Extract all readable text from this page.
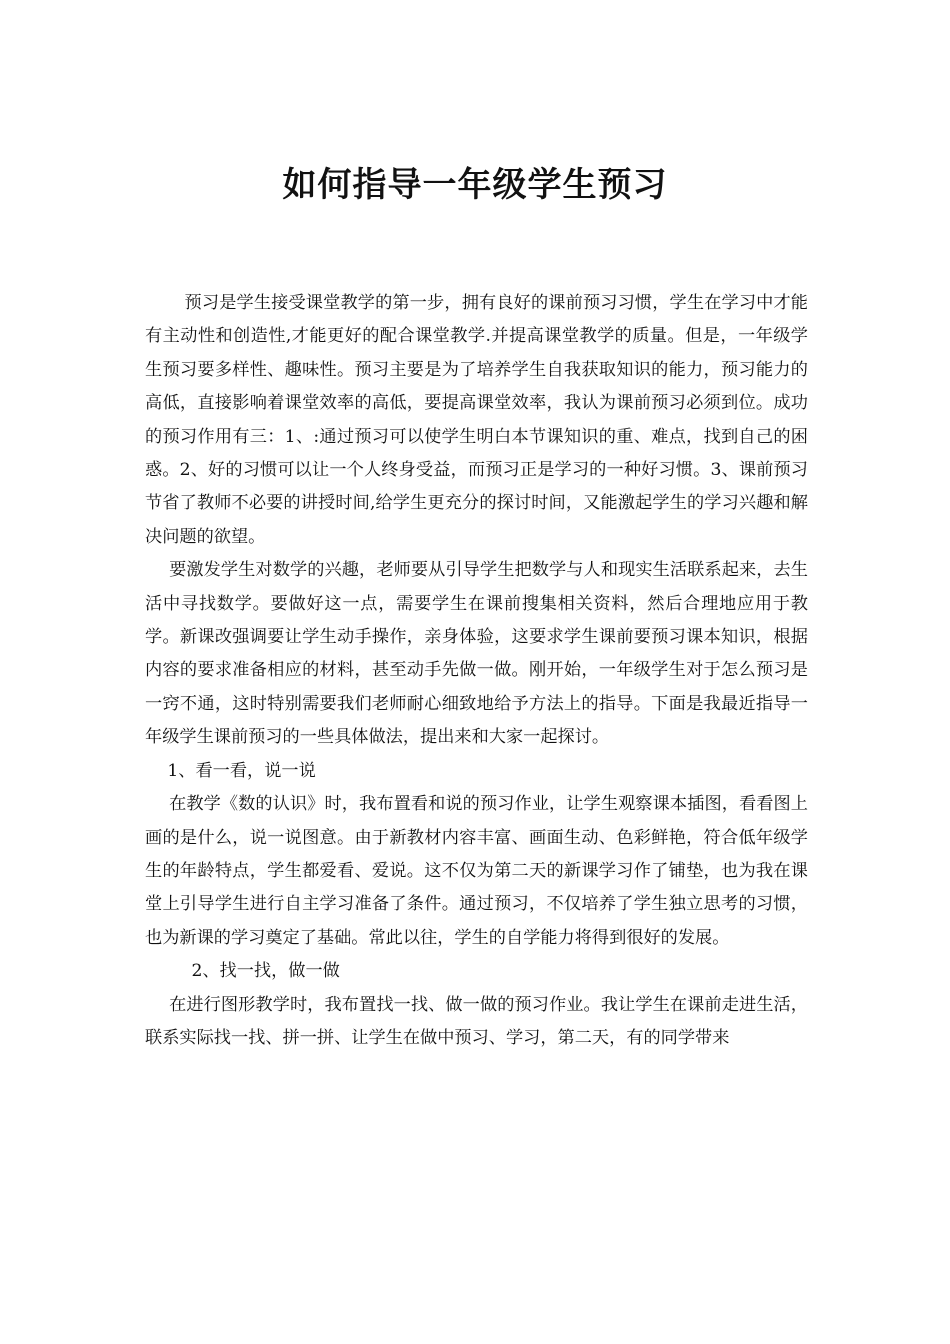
如何指导一年级学生预习

预习是学生接受课堂教学的第一步，拥有良好的课前预习习惯，学生在学习中才能有主动性和创造性,才能更好的配合课堂教学.并提高课堂教学的质量。但是，一年级学生预习要多样性、趣味性。预习主要是为了培养学生自我获取知识的能力，预习能力的高低，直接影响着课堂效率的高低，要提高课堂效率，我认为课前预习必须到位。成功的预习作用有三：1、:通过预习可以使学生明白本节课知识的重、难点，找到自己的困惑。2、好的习惯可以让一个人终身受益，而预习正是学习的一种好习惯。3、课前预习节省了教师不必要的讲授时间,给学生更充分的探讨时间，又能激起学生的学习兴趣和解决问题的欲望。

要激发学生对数学的兴趣，老师要从引导学生把数学与人和现实生活联系起来，去生活中寻找数学。要做好这一点，需要学生在课前搜集相关资料，然后合理地应用于教学。新课改强调要让学生动手操作，亲身体验，这要求学生课前要预习课本知识，根据内容的要求准备相应的材料，甚至动手先做一做。刚开始，一年级学生对于怎么预习是一窍不通，这时特别需要我们老师耐心细致地给予方法上的指导。下面是我最近指导一年级学生课前预习的一些具体做法，提出来和大家一起探讨。

1、看一看，说一说

在教学《数的认识》时，我布置看和说的预习作业，让学生观察课本插图，看看图上画的是什么，说一说图意。由于新教材内容丰富、画面生动、色彩鲜艳，符合低年级学生的年龄特点，学生都爱看、爱说。这不仅为第二天的新课学习作了铺垫，也为我在课堂上引导学生进行自主学习准备了条件。通过预习，不仅培养了学生独立思考的习惯，也为新课的学习奠定了基础。常此以往，学生的自学能力将得到很好的发展。

2、找一找，做一做

在进行图形教学时，我布置找一找、做一做的预习作业。我让学生在课前走进生活，联系实际找一找、拼一拼、让学生在做中预习、学习，第二天，有的同学带来
